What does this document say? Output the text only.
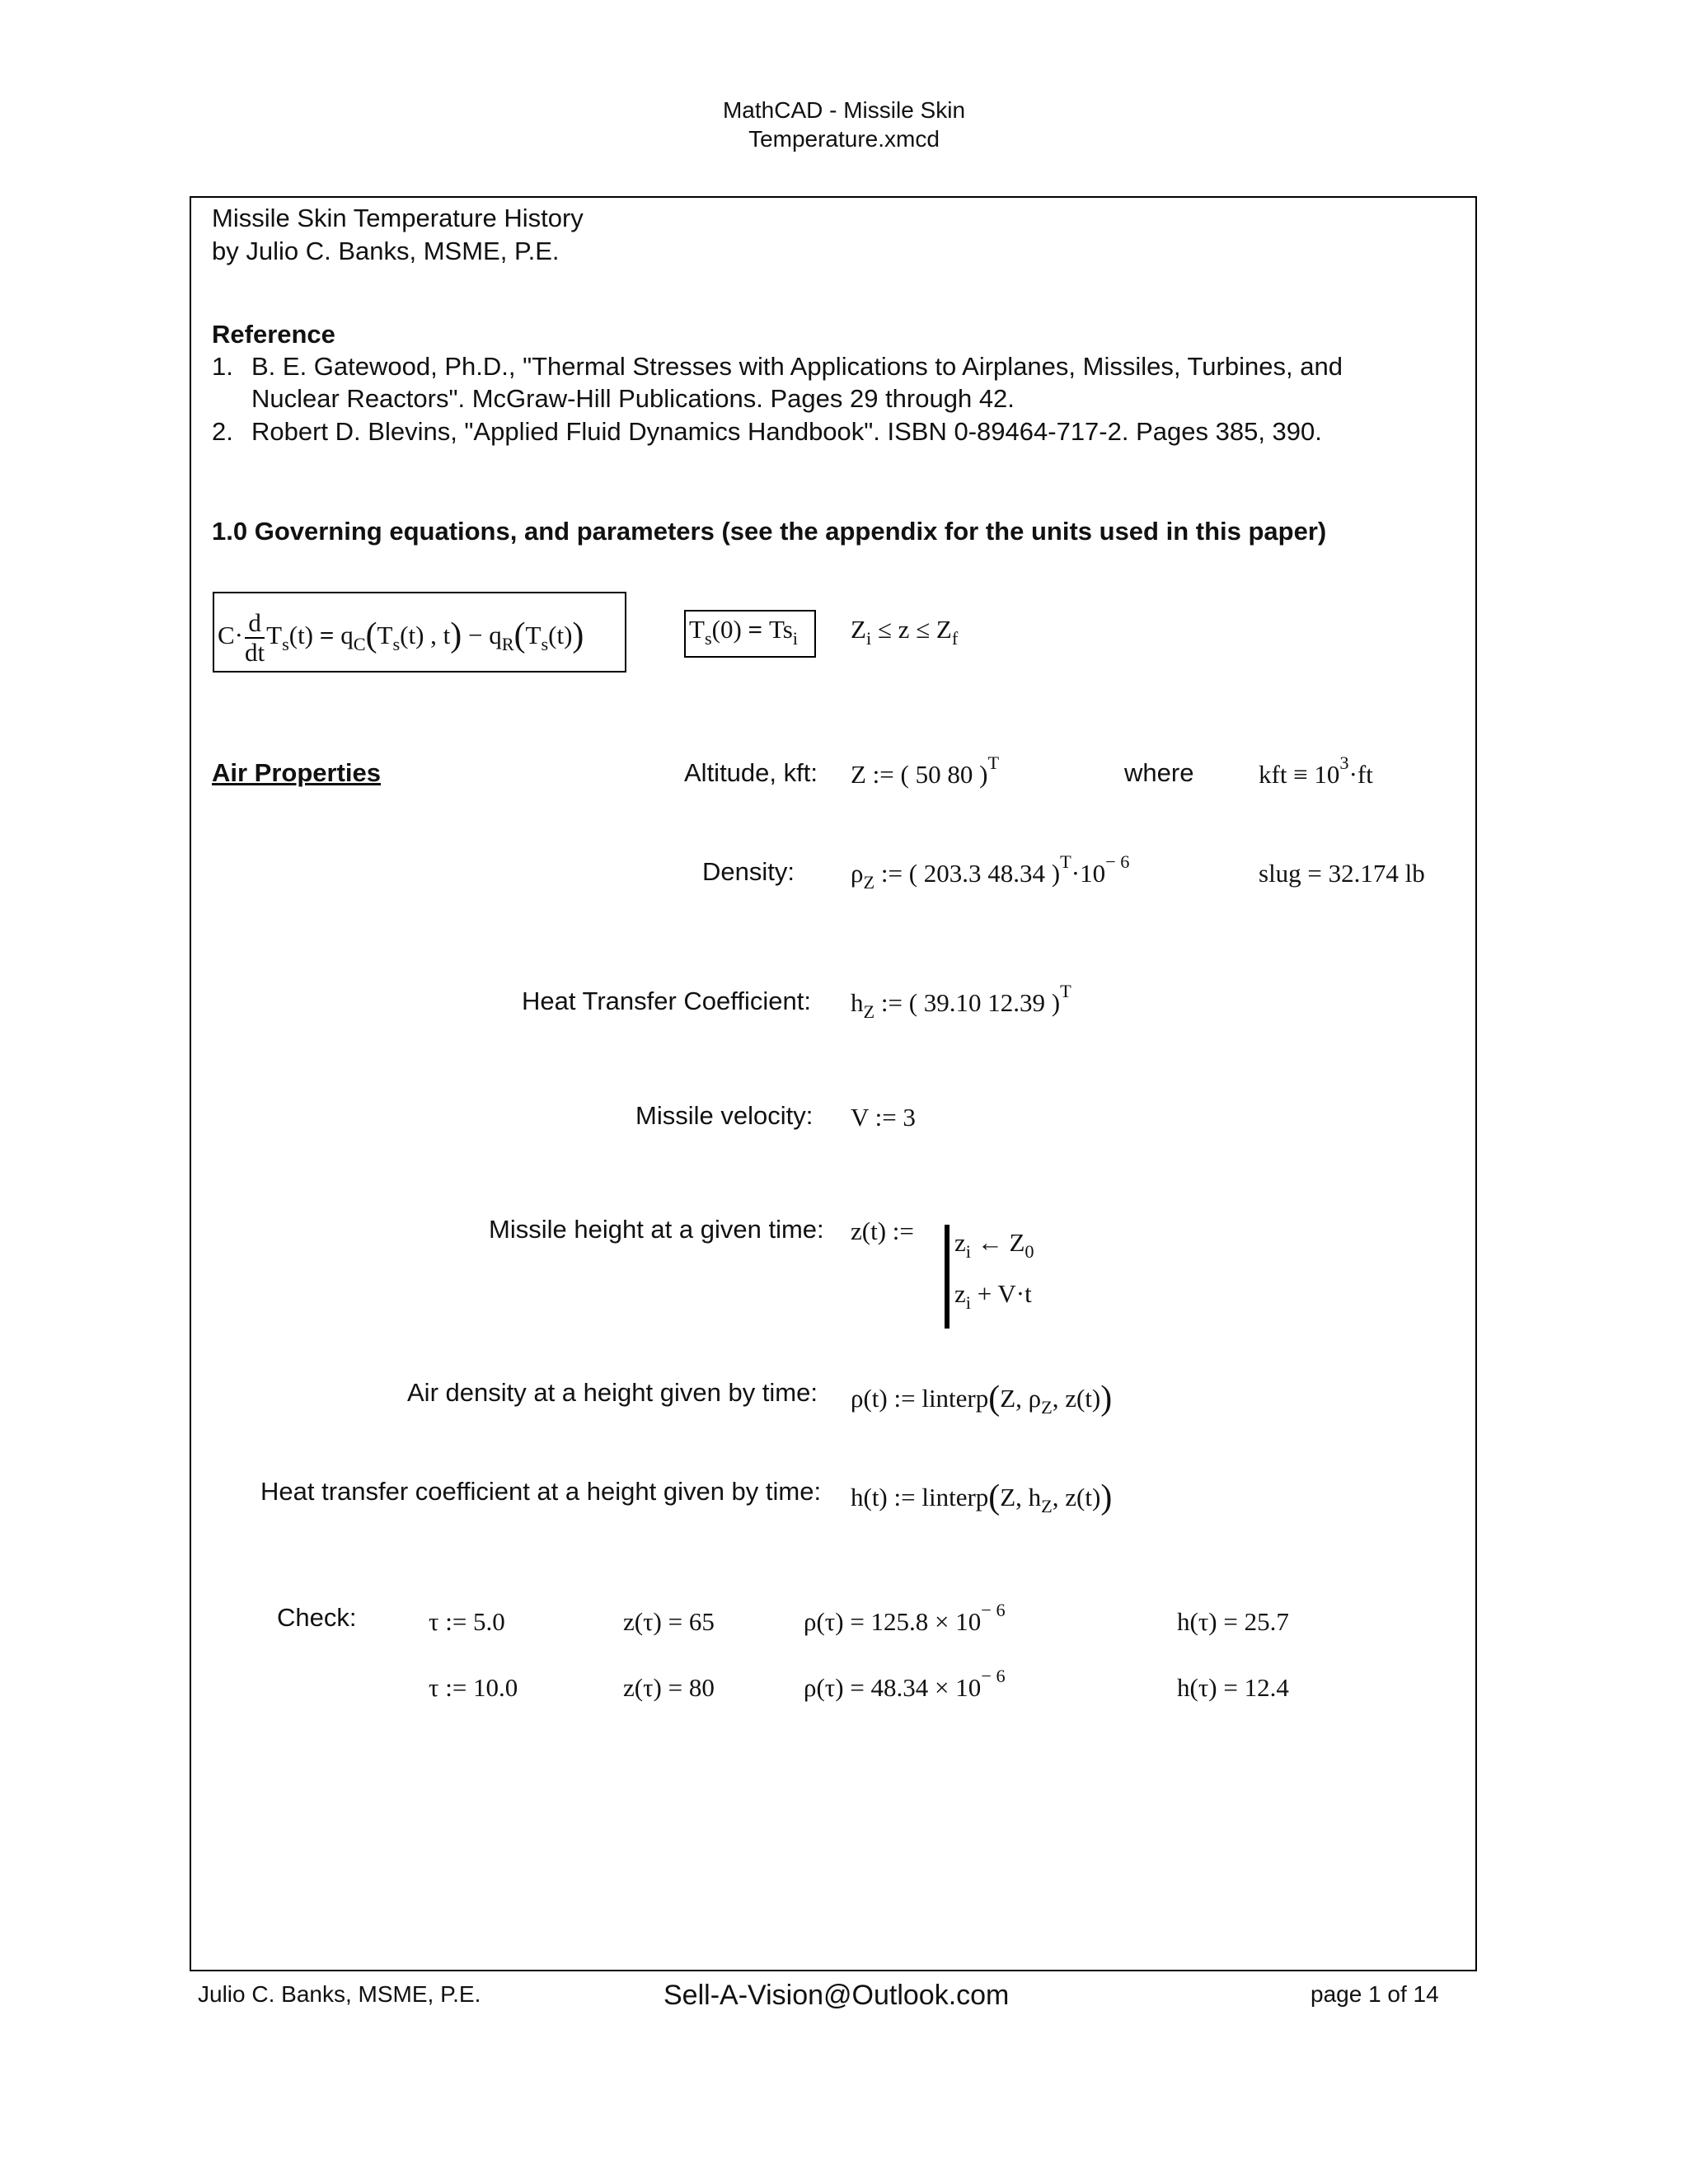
MathCAD - Missile Skin
Temperature.xmcd
Missile Skin Temperature History
by Julio C. Banks, MSME, P.E.
Reference
1. B. E. Gatewood, Ph.D., "Thermal Stresses with Applications to Airplanes, Missiles, Turbines, and
Nuclear Reactors". McGraw-Hill Publications. Pages 29 through 42.
2. Robert D. Blevins, "Applied Fluid Dynamics Handbook". ISBN 0-89464-717-2. Pages 385, 390.
1.0 Governing equations, and parameters (see the appendix for the units used in this paper)
$C\cdot \frac{d}{dt} T_s(t) = q_C(T_s(t)$ , $t) - q_R(T_s(t))$	$T_s(0) = Ts_i$ $Z_i \le z \le Z_f$
Air Properties	Altitude, kft: Z := ( 50 80 )$^T$	where	kft ≡ $10^3\cdot ft$
Density: $\rho_Z$ := ( 203.3 48.34 )$^T\cdot 10^{- 6}$	slug = 32.174 lb
Heat Transfer Coefficient: $h_Z$ := ( 39.10 12.39 )$^T$
Missile velocity: V := 3
Missile height at a given time: z(t) := $z_i$ ← $Z_0$
$z_i + V\cdot t$
Air density at a height given by time: ρ(t) := linterp(Z, $\rho_Z$, z(t))
Heat transfer coefficient at a height given by time: h(t) := linterp(Z, $h_Z$, z(t))
Check:	τ := 5.0	z(τ) = 65	$\rho(\tau) = 125.8 \times 10^{- 6}$	h(τ) = 25.7
τ := 10.0	z(τ) = 80	$\rho(\tau) = 48.34 \times 10^{- 6}$	h(τ) = 12.4
Julio C. Banks, MSME, P.E.	Sell-A-Vision@Outlook.com	page 1 of 14
